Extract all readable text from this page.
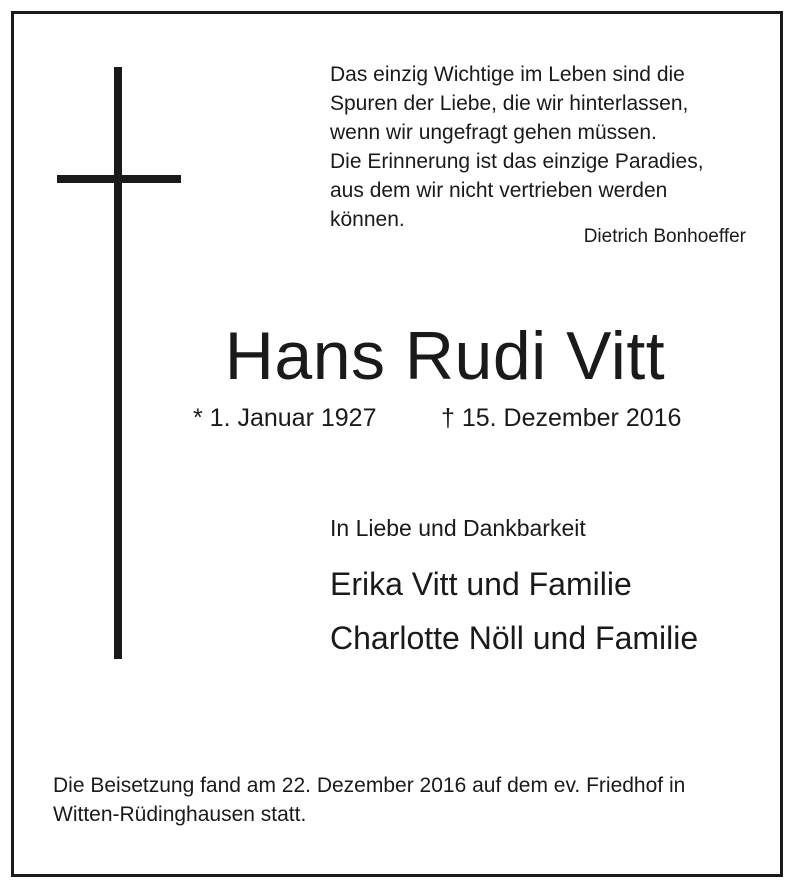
Das einzig Wichtige im Leben sind die
Spuren der Liebe, die wir hinterlassen,
wenn wir ungefragt gehen müssen.
Die Erinnerung ist das einzige Paradies,
aus dem wir nicht vertrieben werden
können.

Dietrich Bonhoeffer
Hans Rudi Vitt
* 1. Januar 1927	† 15. Dezember 2016
In Liebe und Dankbarkeit
Erika Vitt und Familie
Charlotte Nöll und Familie

Die Beisetzung fand am 22. Dezember 2016 auf dem ev. Friedhof in
Witten-Rüdinghausen statt.
